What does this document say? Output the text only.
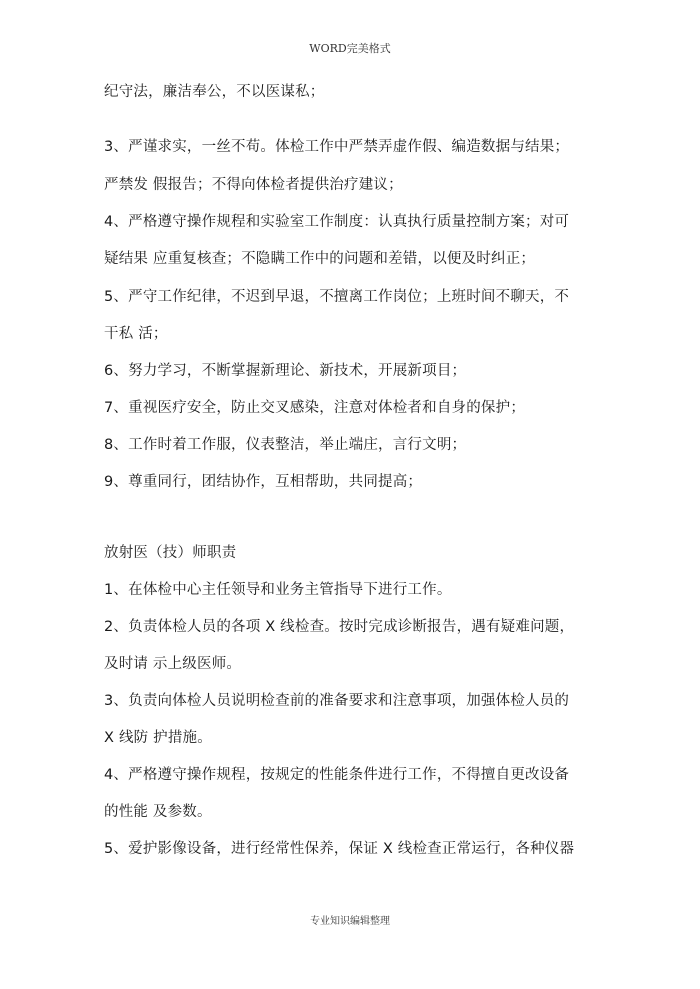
WORD完美格式
纪守法，廉洁奉公，不以医谋私；
3、严谨求实，一丝不苟。体检工作中严禁弄虚作假、编造数据与结果；
严禁发 假报告；不得向体检者提供治疗建议；
4、严格遵守操作规程和实验室工作制度：认真执行质量控制方案；对可
疑结果 应重复核查；不隐瞒工作中的问题和差错，以便及时纠正；
5、严守工作纪律，不迟到早退，不擅离工作岗位；上班时间不聊天，不
干私 活；
6、努力学习，不断掌握新理论、新技术，开展新项目；
7、重视医疗安全，防止交叉感染，注意对体检者和自身的保护；
8、工作时着工作服，仪表整洁，举止端庄，言行文明；
9、尊重同行，团结协作，互相帮助，共同提高；
放射医（技）师职责
1、在体检中心主任领导和业务主管指导下进行工作。
2、负责体检人员的各项 X 线检查。按时完成诊断报告，遇有疑难问题，
及时请 示上级医师。
3、负责向体检人员说明检查前的准备要求和注意事项，加强体检人员的
X 线防 护措施。
4、严格遵守操作规程，按规定的性能条件进行工作，不得擅自更改设备
的性能 及参数。
5、爱护影像设备，进行经常性保养，保证 X 线检查正常运行，各种仪器
专业知识编辑整理
